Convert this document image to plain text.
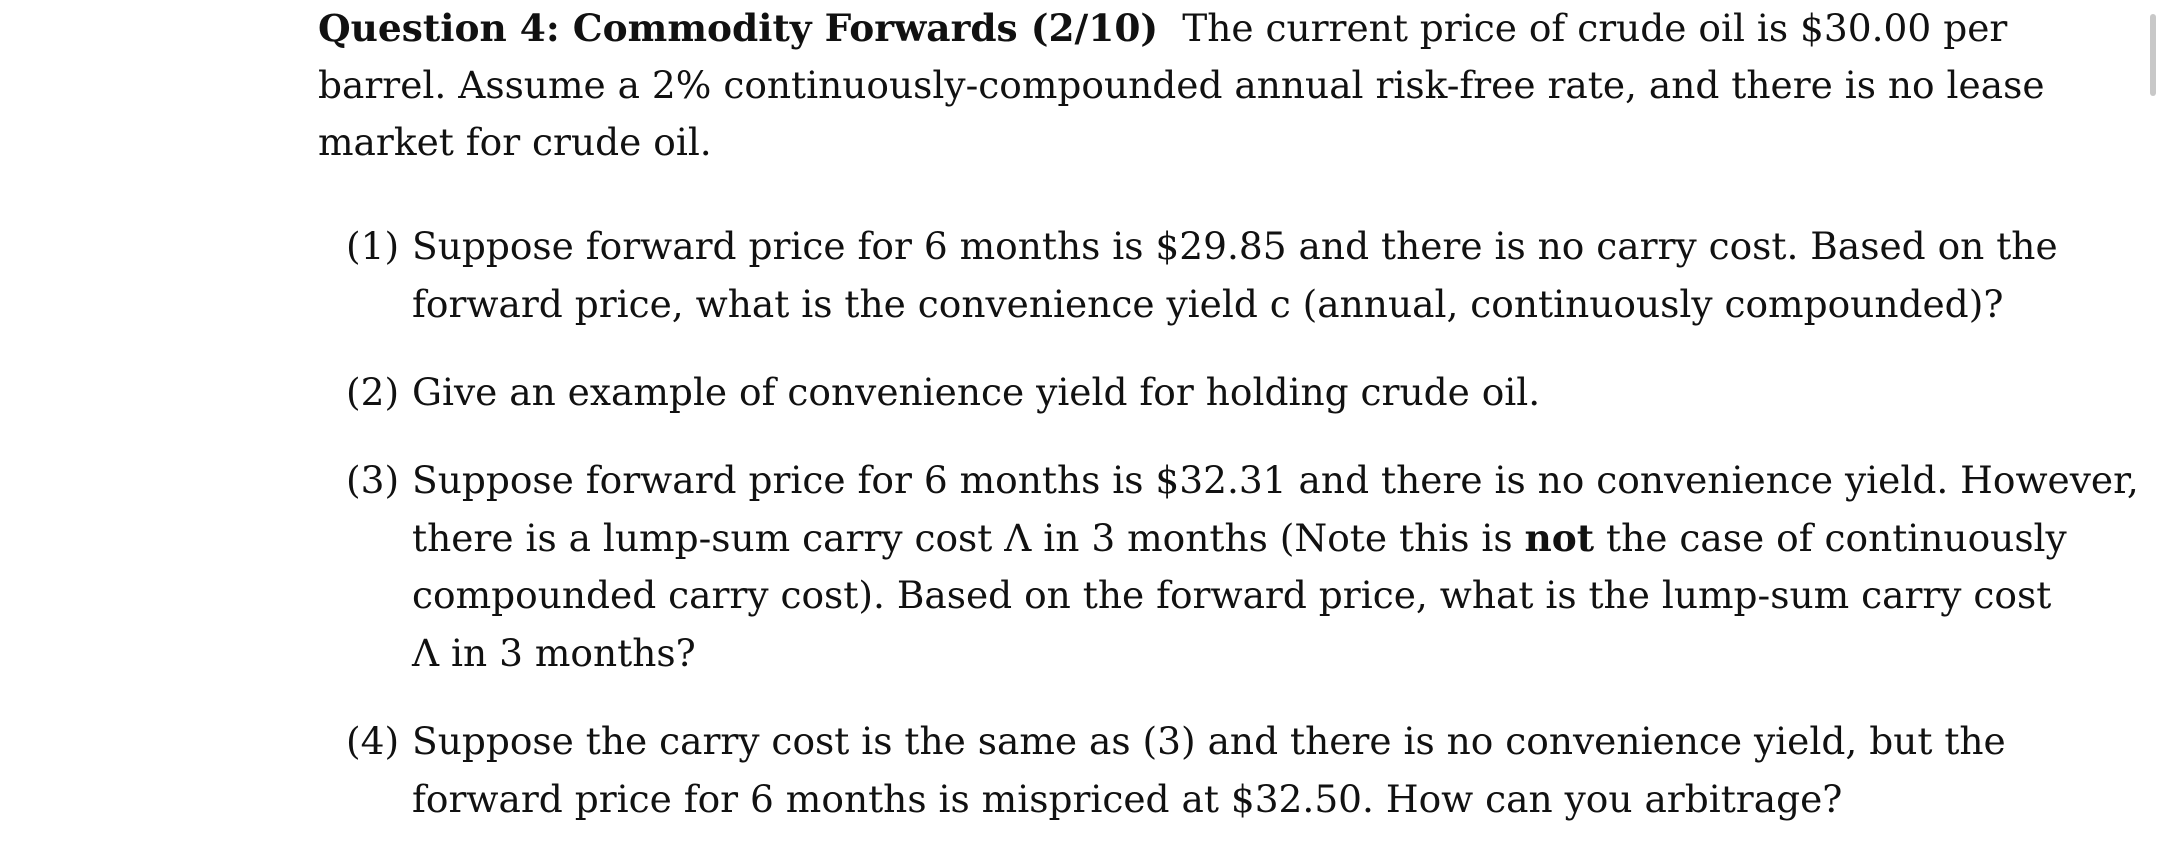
Question 4: Commodity Forwards (2/10) The current price of crude oil is $30.00 per
barrel. Assume a 2% continuously-compounded annual risk-free rate, and there is no lease
market for crude oil.

(1) Suppose forward price for 6 months is $29.85 and there is no carry cost. Based on the
forward price, what is the convenience yield c (annual, continuously compounded)?
(2) Give an example of convenience yield for holding crude oil.
(3) Suppose forward price for 6 months is $32.31 and there is no convenience yield. However,
there is a lump-sum carry cost Λ in 3 months (Note this is not the case of continuously
compounded carry cost). Based on the forward price, what is the lump-sum carry cost
Λ in 3 months?
(4) Suppose the carry cost is the same as (3) and there is no convenience yield, but the
forward price for 6 months is mispriced at $32.50. How can you arbitrage?
